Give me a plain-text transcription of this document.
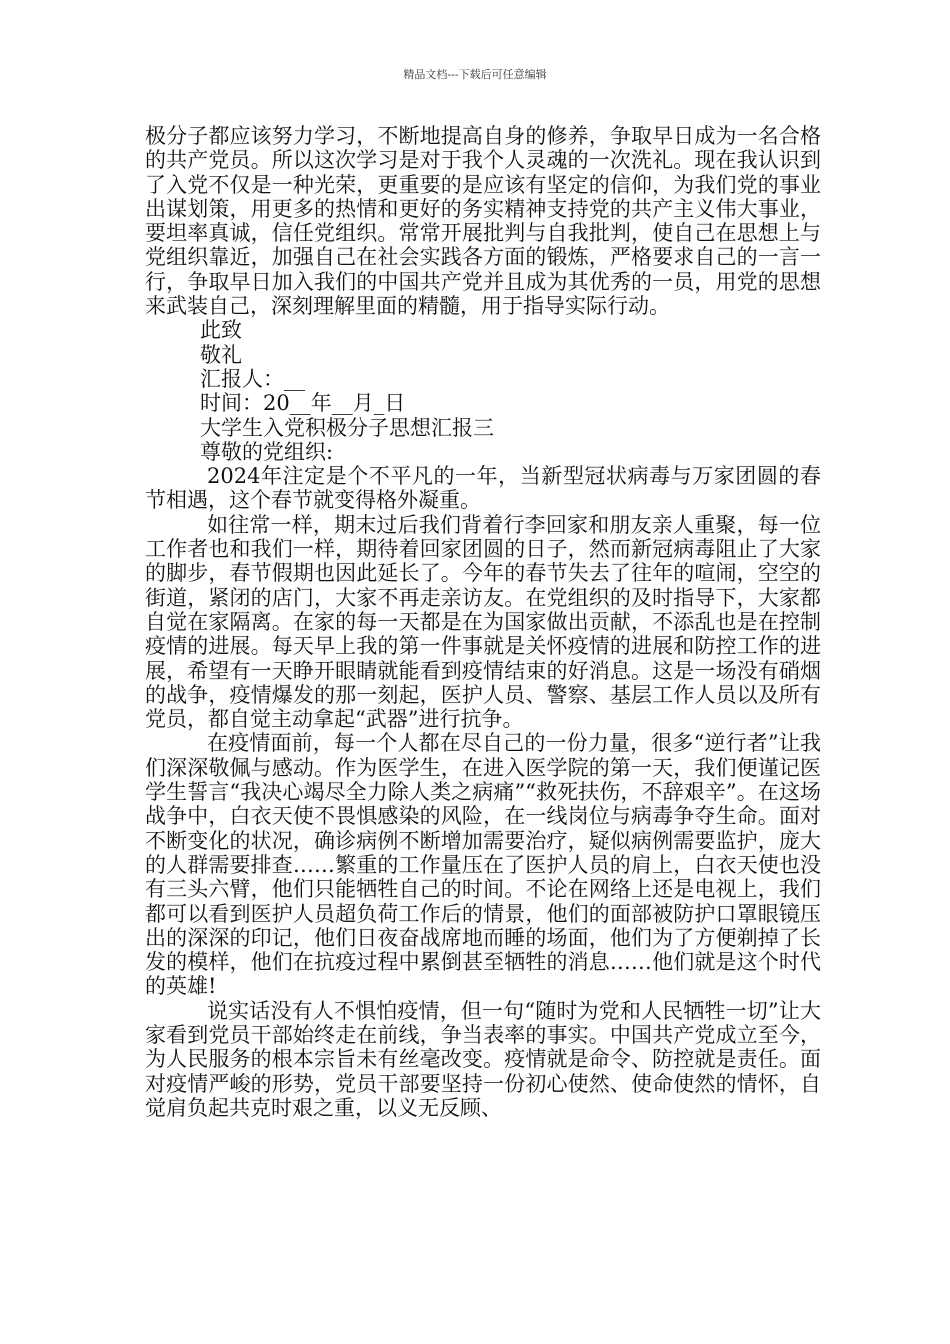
精品文档---下载后可任意编辑

极分子都应该努力学习，不断地提高自身的修养，争取早日成为一名合格的共产党员。所以这次学习是对于我个人灵魂的一次洗礼。现在我认识到了入党不仅是一种光荣，更重要的是应该有坚定的信仰，为我们党的事业出谋划策，用更多的热情和更好的务实精神支持党的共产主义伟大事业，要坦率真诚，信任党组织。常常开展批判与自我批判，使自己在思想上与党组织靠近，加强自己在社会实践各方面的锻炼，严格要求自己的一言一行，争取早日加入我们的中国共产党并且成为其优秀的一员，用党的思想来武装自己，深刻理解里面的精髓，用于指导实际行动。

此致

敬礼

汇报人：__

时间：20__年__月_日

大学生入党积极分子思想汇报三

尊敬的党组织:

2024年注定是个不平凡的一年，当新型冠状病毒与万家团圆的春节相遇，这个春节就变得格外凝重。

如往常一样，期末过后我们背着行李回家和朋友亲人重聚，每一位工作者也和我们一样，期待着回家团圆的日子，然而新冠病毒阻止了大家的脚步，春节假期也因此延长了。今年的春节失去了往年的喧闹，空空的街道，紧闭的店门，大家不再走亲访友。在党组织的及时指导下，大家都自觉在家隔离。在家的每一天都是在为国家做出贡献，不添乱也是在控制疫情的进展。每天早上我的第一件事就是关怀疫情的进展和防控工作的进展，希望有一天睁开眼睛就能看到疫情结束的好消息。这是一场没有硝烟的战争，疫情爆发的那一刻起，医护人员、警察、基层工作人员以及所有党员，都自觉主动拿起“武器”进行抗争。

在疫情面前，每一个人都在尽自己的一份力量，很多“逆行者”让我们深深敬佩与感动。作为医学生，在进入医学院的第一天，我们便谨记医学生誓言“我决心竭尽全力除人类之病痛”“救死扶伤，不辞艰辛”。在这场战争中，白衣天使不畏惧感染的风险，在一线岗位与病毒争夺生命。面对不断变化的状况，确诊病例不断增加需要治疗，疑似病例需要监护，庞大的人群需要排查……繁重的工作量压在了医护人员的肩上，白衣天使也没有三头六臂，他们只能牺牲自己的时间。不论在网络上还是电视上，我们都可以看到医护人员超负荷工作后的情景，他们的面部被防护口罩眼镜压出的深深的印记，他们日夜奋战席地而睡的场面，他们为了方便剃掉了长发的模样，他们在抗疫过程中累倒甚至牺牲的消息……他们就是这个时代的英雄!

说实话没有人不惧怕疫情，但一句“随时为党和人民牺牲一切”让大家看到党员干部始终走在前线，争当表率的事实。中国共产党成立至今，为人民服务的根本宗旨未有丝毫改变。疫情就是命令、防控就是责任。面对疫情严峻的形势，党员干部要坚持一份初心使然、使命使然的情怀，自觉肩负起共克时艰之重，以义无反顾、
